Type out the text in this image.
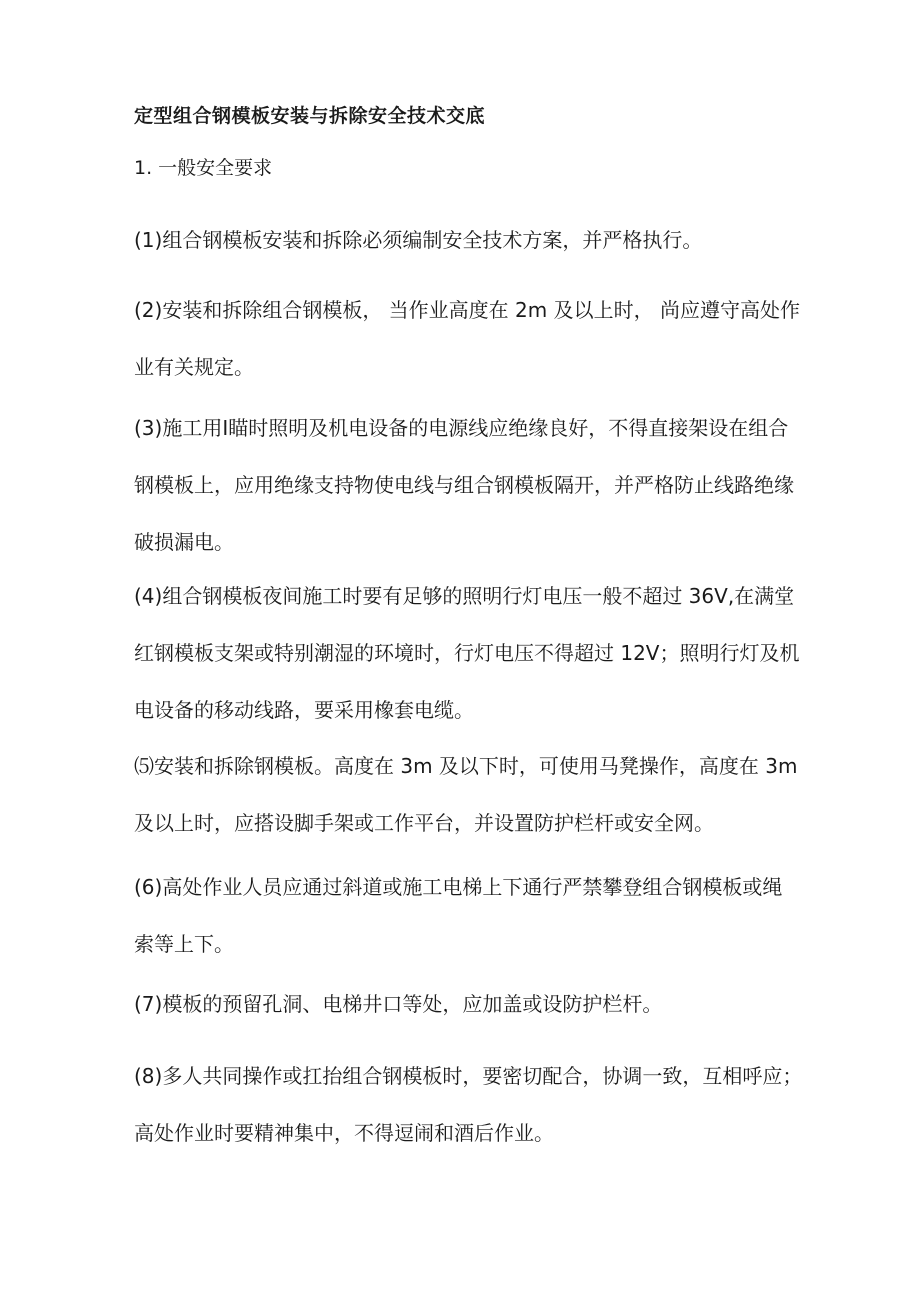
定型组合钢模板安装与拆除安全技术交底
1. 一般安全要求
(1)组合钢模板安装和拆除必须编制安全技术方案，并严格执行。
(2)安装和拆除组合钢模板， 当作业高度在 2m 及以上时， 尚应遵守高处作
业有关规定。
(3)施工用Ⅰ瞄时照明及机电设备的电源线应绝缘良好，不得直接架设在组合
钢模板上，应用绝缘支持物使电线与组合钢模板隔开，并严格防止线路绝缘
破损漏电。
(4)组合钢模板夜间施工时要有足够的照明行灯电压一般不超过 36V,在满堂
红钢模板支架或特别潮湿的环境时，行灯电压不得超过 12V；照明行灯及机
电设备的移动线路，要采用橡套电缆。
⑸安装和拆除钢模板。高度在 3m 及以下时，可使用马凳操作，高度在 3m
及以上时，应搭设脚手架或工作平台，并设置防护栏杆或安全网。
(6)高处作业人员应通过斜道或施工电梯上下通行严禁攀登组合钢模板或绳
索等上下。
(7)模板的预留孔洞、电梯井口等处，应加盖或设防护栏杆。
(8)多人共同操作或扛抬组合钢模板时，要密切配合，协调一致，互相呼应；
高处作业时要精神集中，不得逗闹和酒后作业。
